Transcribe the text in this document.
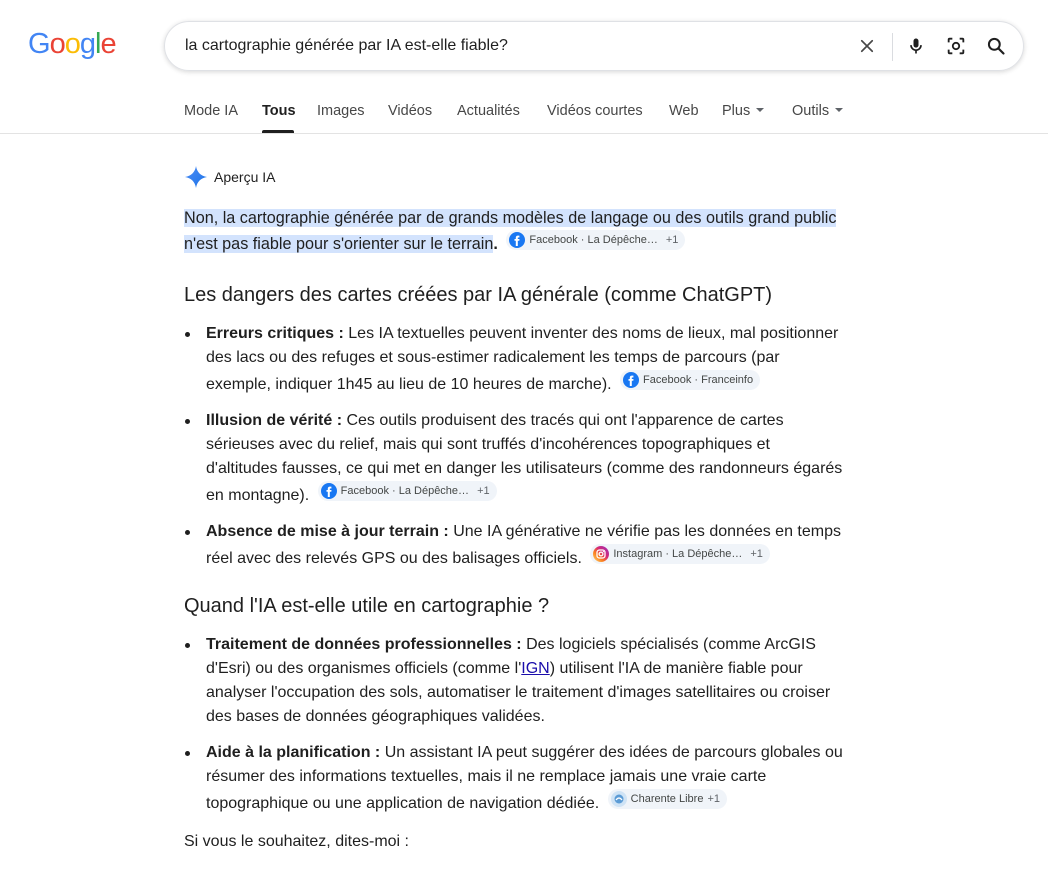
Google
la cartographie générée par IA est-elle fiable?
Mode IA Tous Images Vidéos Actualités Vidéos courtes Web Plus	Outils
Aperçu IA
Non, la cartographie générée par de grands modèles de langage ou des outils grand public n'est pas fiable pour s'orienter sur le terrain.	Facebook · La Dépêche… +1
Les dangers des cartes créées par IA générale (comme ChatGPT)
Erreurs critiques : Les IA textuelles peuvent inventer des noms de lieux, mal positionner des lacs ou des refuges et sous-estimer radicalement les temps de parcours (par exemple, indiquer 1h45 au lieu de 10 heures de marche).	Facebook · Franceinfo
Illusion de vérité : Ces outils produisent des tracés qui ont l'apparence de cartes sérieuses avec du relief, mais qui sont truffés d'incohérences topographiques et d'altitudes fausses, ce qui met en danger les utilisateurs (comme des randonneurs égarés en montagne).	Facebook · La Dépêche… +1
Absence de mise à jour terrain : Une IA générative ne vérifie pas les données en temps réel avec des relevés GPS ou des balisages officiels.	Instagram · La Dépêche… +1
Quand l'IA est-elle utile en cartographie ?
Traitement de données professionnelles : Des logiciels spécialisés (comme ArcGIS d'Esri) ou des organismes officiels (comme l'IGN) utilisent l'IA de manière fiable pour analyser l'occupation des sols, automatiser le traitement d'images satellitaires ou croiser des bases de données géographiques validées.
Aide à la planification : Un assistant IA peut suggérer des idées de parcours globales ou résumer des informations textuelles, mais il ne remplace jamais une vraie carte topographique ou une application de navigation dédiée.	Charente Libre +1
Si vous le souhaitez, dites-moi :
